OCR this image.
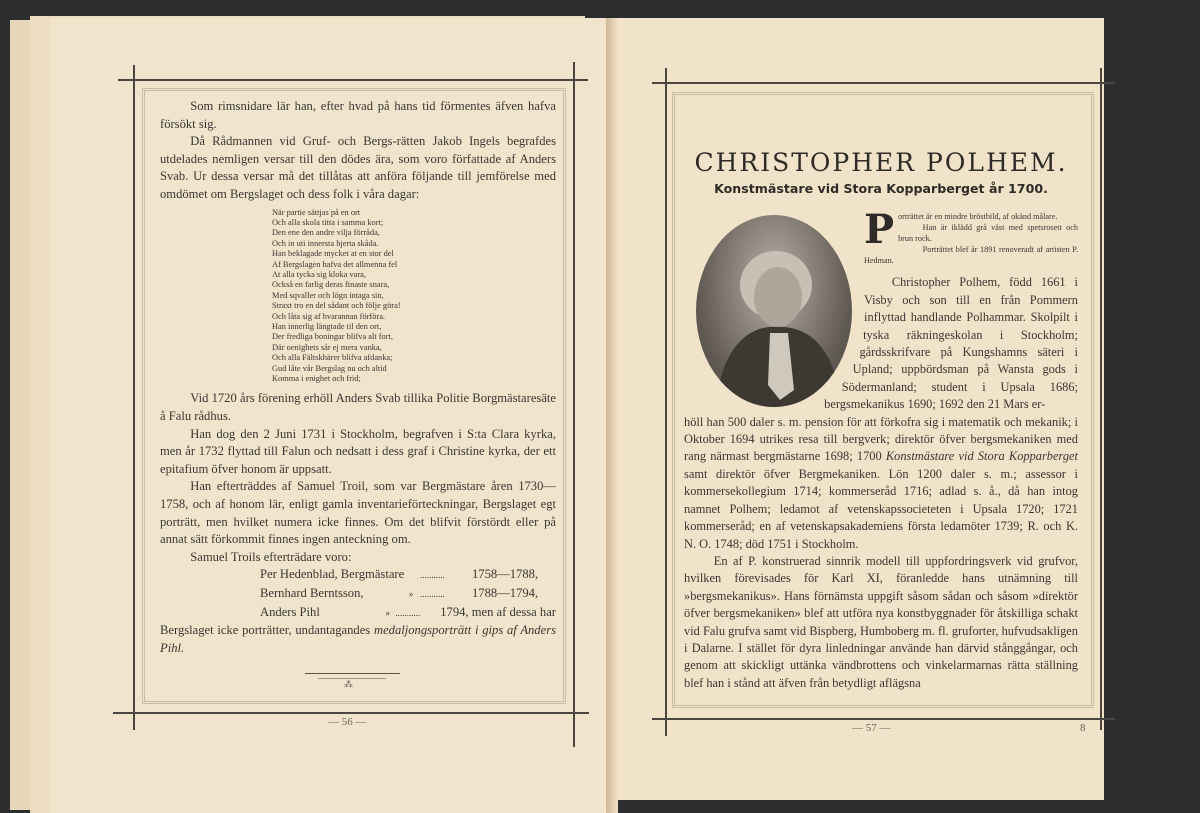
Som rimsnidare lär han, efter hvad på hans tid förmentes äfven hafva försökt sig.

Då Rådmannen vid Gruf- och Bergs-rätten Jakob Ingels begrafdes utdelades nemligen versar till den dödes ära, som voro författade af Anders Svab. Ur dessa versar må det tillåtas att anföra följande till jemförelse med omdömet om Bergslaget och dess folk i våra dagar:

När partie sättjas på en ort
Och alla skola titta i samma kort;
Den ene den andre vilja förråda,
Och in uti innersta hjerta skåda.
Han beklagade mycket at en stor del
Af Bergslagen hafva det allmenna fel
At alla tycka sig kloka vara,
Också en farlig deras finaste snara,
Med sqvaller och lögn intaga sin,
Straxt tro en del sådant och följe göra!
Och låta sig af hvarannan förföra.
Han innerlig längtade til den ort,
Der fredliga boningar blifva alt fort,
Där oenighets sår ej mera vanka,
Och alla Fältskhärer blifva afdanka;
Gud låte vår Bergslag nu och altid
Komma i enighet och frid;

Vid 1720 års förening erhöll Anders Svab tillika Politie Borgmästaresäte å Falu rådhus.

Han dog den 2 Juni 1731 i Stockholm, begrafven i S:ta Clara kyrka, men år 1732 flyttad till Falun och nedsatt i dess graf i Christine kyrka, der ett epitafium öfver honom är uppsatt.

Han efterträddes af Samuel Troil, som var Bergmästare åren 1730—1758, och af honom lär, enligt gamla inventarieförteckningar, Bergslaget egt porträtt, men hvilket numera icke finnes. Om det blifvit förstördt eller på annat sätt förkommit finnes ingen anteckning om.

Samuel Troils efterträdare voro:

Per Hedenblad, Bergmästare ...........	1758—1788,
Bernhard Berntsson,	» ...........	1788—1794,
Anders Pihl	» ...........	1794, men af dessa har

Bergslaget icke porträtter, undantagandes medaljongsporträtt i gips af Anders Pihl.

⁂
— 56 —
CHRISTOPHER POLHEM.
Konstmästare vid Stora Kopparberget år 1700.
P orträttet är en mindre bröstbild, af okänd målare.
Han är iklädd grå väst med spetsrosett och brun rock.
Porträttet blef år 1891 renoveradt af artisten P. Hedman.

Christopher Polhem, född 1661 i Visby och son till en från Pommern inflyttad handlande Polhammar. Skolpilt i tyska räkningeskolan i Stockholm; gårdsskrifvare på Kungshamns säteri i Upland; uppbördsman på Wansta gods i Södermanland; student i Upsala 1686; bergsmekanikus 1690; 1692 den 21 Mars er-

höll han 500 daler s. m. pension för att förkofra sig i matematik och mekanik; i Oktober 1694 utrikes resa till bergverk; direktör öfver bergsmekaniken med rang närmast bergmästarne 1698; 1700 Konstmästare vid Stora Kopparberget samt direktör öfver Bergmekaniken. Lön 1200 daler s. m.; assessor i kommersekollegium 1714; kommerseråd 1716; adlad s. å., då han intog namnet Polhem; ledamot af vetenskapssocieteten i Upsala 1720; 1721 kommerseråd; en af vetenskapsakademiens första ledamöter 1739; R. och K. N. O. 1748; död 1751 i Stockholm.

En af P. konstruerad sinnrik modell till uppfordringsverk vid grufvor, hvilken förevisades för Karl XI, föranledde hans utnämning till »bergsmekanikus». Hans förnämsta uppgift såsom sådan och såsom »direktör öfver bergsmekaniken» blef att utföra nya konstbyggnader för åtskilliga schakt vid Falu grufva samt vid Bispberg, Humboberg m. fl. gruforter, hufvudsakligen i Dalarne. I stället för dyra linledningar använde han därvid stånggångar, och genom att skickligt uttänka vändbrottens och vinkelarmarnas rätta ställning blef han i stånd att äfven från betydligt aflägsna

— 57 —	8
